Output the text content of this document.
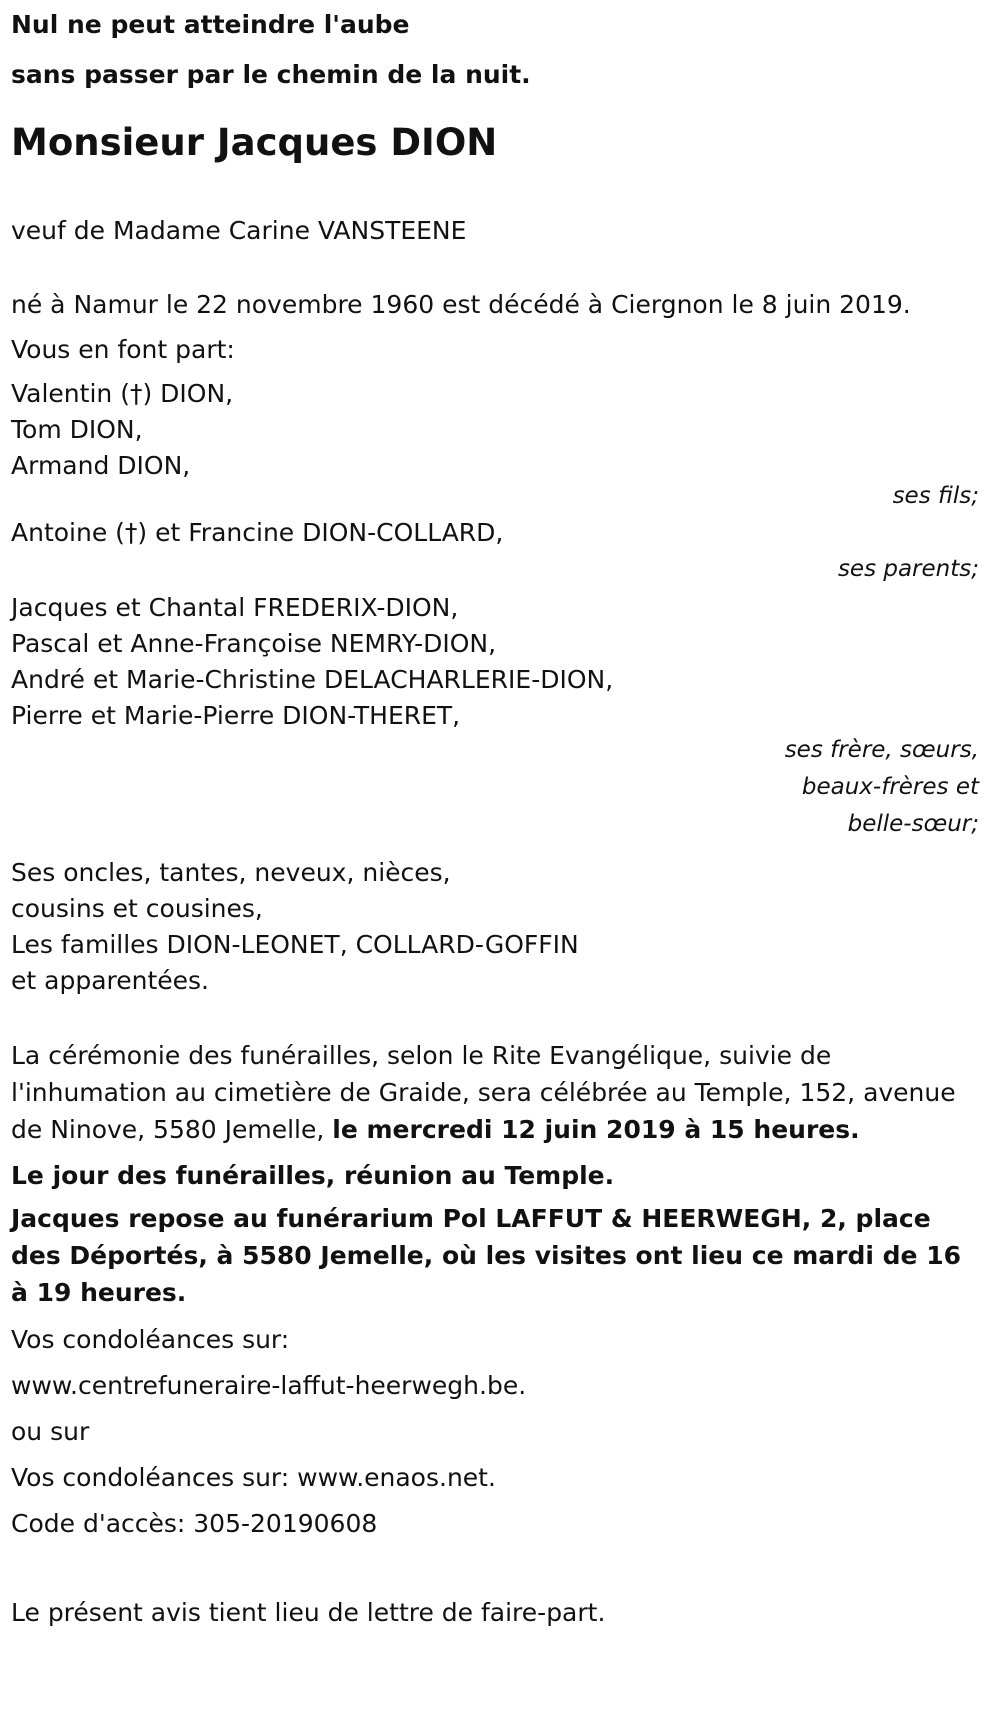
Nul ne peut atteindre l'aube
sans passer par le chemin de la nuit.
Monsieur Jacques DION
veuf de Madame Carine VANSTEENE
né à Namur le 22 novembre 1960 est décédé à Ciergnon le 8 juin 2019.
Vous en font part:
Valentin (†) DION,
Tom DION,
Armand DION,
ses fils;
Antoine (†) et Francine DION-COLLARD,
ses parents;
Jacques et Chantal FREDERIX-DION,
Pascal et Anne-Françoise NEMRY-DION,
André et Marie-Christine DELACHARLERIE-DION,
Pierre et Marie-Pierre DION-THERET,
ses frère, sœurs,
beaux-frères et
belle-sœur;
Ses oncles, tantes, neveux, nièces,
cousins et cousines,
Les familles DION-LEONET, COLLARD-GOFFIN
et apparentées.
La cérémonie des funérailles, selon le Rite Evangélique, suivie de l'inhumation au cimetière de Graide, sera célébrée au Temple, 152, avenue de Ninove, 5580 Jemelle, le mercredi 12 juin 2019 à 15 heures.
Le jour des funérailles, réunion au Temple.
Jacques repose au funérarium Pol LAFFUT & HEERWEGH, 2, place des Déportés, à 5580 Jemelle, où les visites ont lieu ce mardi de 16 à 19 heures.
Vos condoléances sur:
www.centrefuneraire-laffut-heerwegh.be.
ou sur
Vos condoléances sur: www.enaos.net.
Code d'accès: 305-20190608
Le présent avis tient lieu de lettre de faire-part.
